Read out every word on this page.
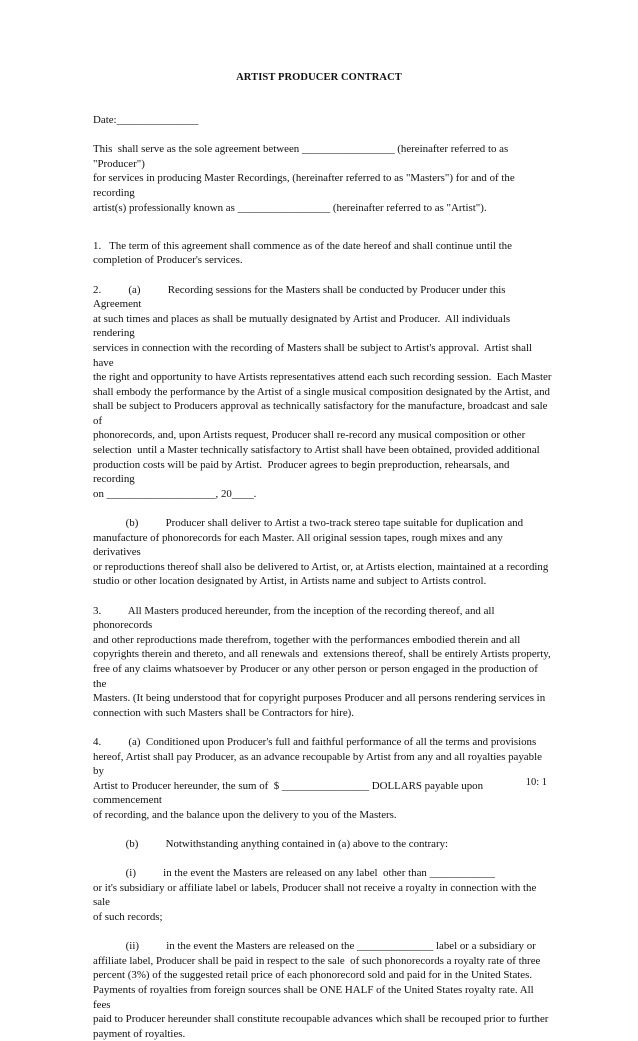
ARTIST PRODUCER CONTRACT

Date:_______________

This  shall serve as the sole agreement between _________________ (hereinafter referred to as "Producer")
for services in producing Master Recordings, (hereinafter referred to as "Masters") for and of the recording
artist(s) professionally known as _________________ (hereinafter referred to as "Artist").

1.   The term of this agreement shall commence as of the date hereof and shall continue until the
completion of Producer's services.

2.          (a)          Recording sessions for the Masters shall be conducted by Producer under this Agreement
at such times and places as shall be mutually designated by Artist and Producer.  All individuals rendering
services in connection with the recording of Masters shall be subject to Artist's approval.  Artist shall have
the right and opportunity to have Artists representatives attend each such recording session.  Each Master
shall embody the performance by the Artist of a single musical composition designated by the Artist, and
shall be subject to Producers approval as technically satisfactory for the manufacture, broadcast and sale of
phonorecords, and, upon Artists request, Producer shall re-record any musical composition or other
selection  until a Master technically satisfactory to Artist shall have been obtained, provided additional
production costs will be paid by Artist.  Producer agrees to begin preproduction, rehearsals, and recording
on ____________________, 20____.

(b)          Producer shall deliver to Artist a two-track stereo tape suitable for duplication and
manufacture of phonorecords for each Master. All original session tapes, rough mixes and any derivatives
or reproductions thereof shall also be delivered to Artist, or, at Artists election, maintained at a recording
studio or other location designated by Artist, in Artists name and subject to Artists control.

3.          All Masters produced hereunder, from the inception of the recording thereof, and all phonorecords
and other reproductions made therefrom, together with the performances embodied therein and all
copyrights therein and thereto, and all renewals and  extensions thereof, shall be entirely Artists property,
free of any claims whatsoever by Producer or any other person or person engaged in the production of the
Masters. (It being understood that for copyright purposes Producer and all persons rendering services in
connection with such Masters shall be Contractors for hire).

4.          (a)  Conditioned upon Producer's full and faithful performance of all the terms and provisions
hereof, Artist shall pay Producer, as an advance recoupable by Artist from any and all royalties payable by
Artist to Producer hereunder, the sum of  $ ________________ DOLLARS payable upon commencement
of recording, and the balance upon the delivery to you of the Masters.

(b)          Notwithstanding anything contained in (a) above to the contrary:

(i)          in the event the Masters are released on any label  other than ____________
or it's subsidiary or affiliate label or labels, Producer shall not receive a royalty in connection with the sale
of such records;

(ii)          in the event the Masters are released on the ______________ label or a subsidiary or
affiliate label, Producer shall be paid in respect to the sale  of such phonorecords a royalty rate of three
percent (3%) of the suggested retail price of each phonorecord sold and paid for in the United States.
Payments of royalties from foreign sources shall be ONE HALF of the United States royalty rate. All fees
paid to Producer hereunder shall constitute recoupable advances which shall be recouped prior to further
payment of royalties.

10: 1
